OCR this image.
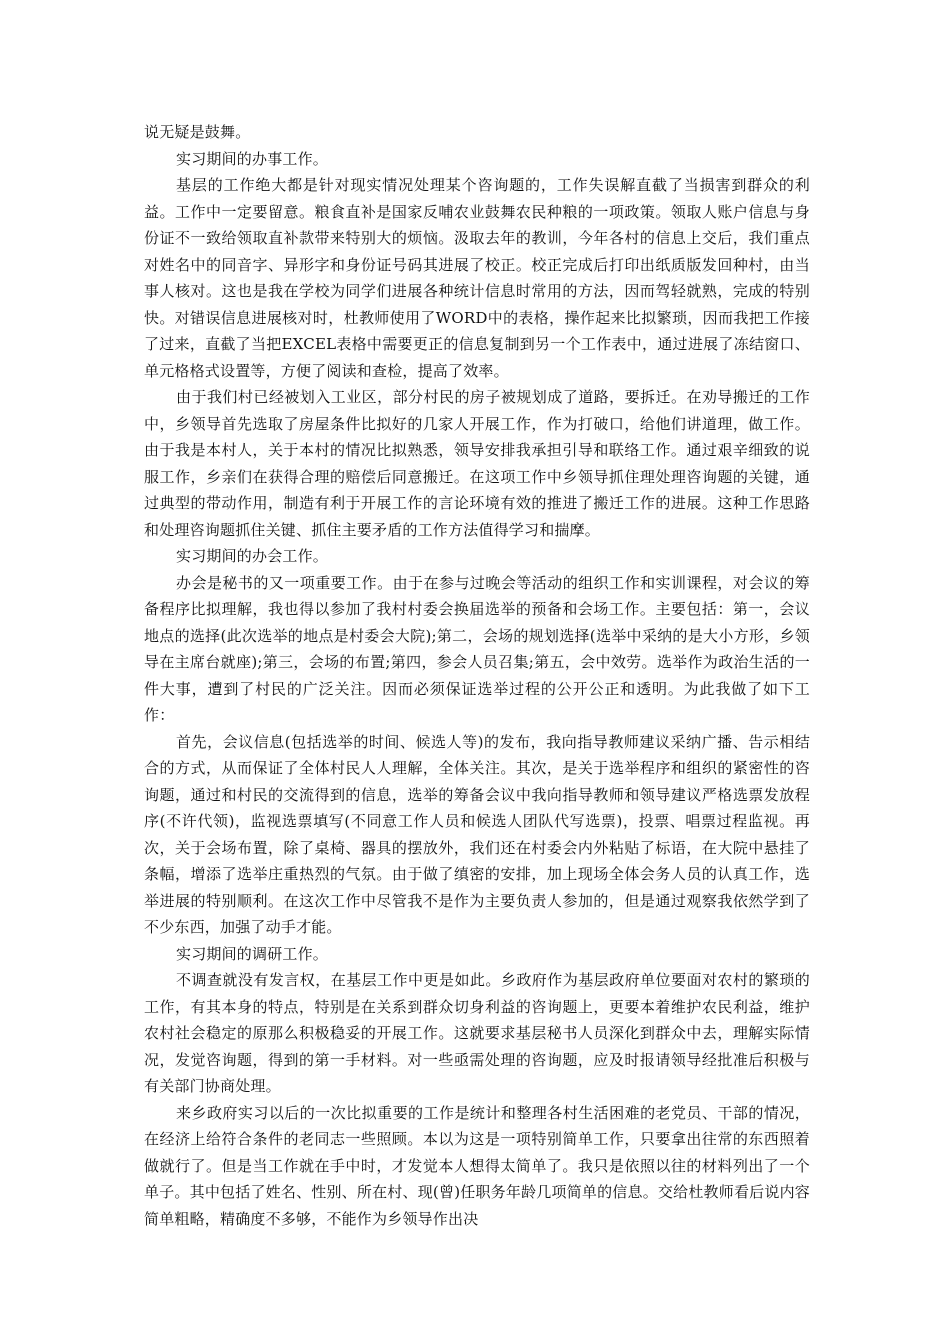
说无疑是鼓舞。

实习期间的办事工作。

基层的工作绝大都是针对现实情况处理某个咨询题的，工作失误解直截了当损害到群众的利益。工作中一定要留意。粮食直补是国家反哺农业鼓舞农民种粮的一项政策。领取人账户信息与身份证不一致给领取直补款带来特别大的烦恼。汲取去年的教训，今年各村的信息上交后，我们重点对姓名中的同音字、异形字和身份证号码其进展了校正。校正完成后打印出纸质版发回种村，由当事人核对。这也是我在学校为同学们进展各种统计信息时常用的方法，因而驾轻就熟，完成的特别快。对错误信息进展核对时，杜教师使用了WORD中的表格，操作起来比拟繁琐，因而我把工作接了过来，直截了当把EXCEL表格中需要更正的信息复制到另一个工作表中，通过进展了冻结窗口、单元格格式设置等，方便了阅读和查检，提高了效率。

由于我们村已经被划入工业区，部分村民的房子被规划成了道路，要拆迁。在劝导搬迁的工作中，乡领导首先选取了房屋条件比拟好的几家人开展工作，作为打破口，给他们讲道理，做工作。由于我是本村人，关于本村的情况比拟熟悉，领导安排我承担引导和联络工作。通过艰辛细致的说服工作，乡亲们在获得合理的赔偿后同意搬迁。在这项工作中乡领导抓住理处理咨询题的关键，通过典型的带动作用，制造有利于开展工作的言论环境有效的推进了搬迁工作的进展。这种工作思路和处理咨询题抓住关键、抓住主要矛盾的工作方法值得学习和揣摩。

实习期间的办会工作。

办会是秘书的又一项重要工作。由于在参与过晚会等活动的组织工作和实训课程，对会议的筹备程序比拟理解，我也得以参加了我村村委会换届选举的预备和会场工作。主要包括：第一，会议地点的选择(此次选举的地点是村委会大院);第二，会场的规划选择(选举中采纳的是大小方形，乡领导在主席台就座);第三，会场的布置;第四，参会人员召集;第五，会中效劳。选举作为政治生活的一件大事，遭到了村民的广泛关注。因而必须保证选举过程的公开公正和透明。为此我做了如下工作：

首先，会议信息(包括选举的时间、候选人等)的发布，我向指导教师建议采纳广播、告示相结合的方式，从而保证了全体村民人人理解，全体关注。其次，是关于选举程序和组织的紧密性的咨询题，通过和村民的交流得到的信息，选举的筹备会议中我向指导教师和领导建议严格选票发放程序(不许代领)，监视选票填写(不同意工作人员和候选人团队代写选票)，投票、唱票过程监视。再次，关于会场布置，除了桌椅、器具的摆放外，我们还在村委会内外粘贴了标语，在大院中悬挂了条幅，增添了选举庄重热烈的气氛。由于做了缜密的安排，加上现场全体会务人员的认真工作，选举进展的特别顺利。在这次工作中尽管我不是作为主要负责人参加的，但是通过观察我依然学到了不少东西，加强了动手才能。

实习期间的调研工作。

不调查就没有发言权，在基层工作中更是如此。乡政府作为基层政府单位要面对农村的繁琐的工作，有其本身的特点，特别是在关系到群众切身利益的咨询题上，更要本着维护农民利益，维护农村社会稳定的原那么积极稳妥的开展工作。这就要求基层秘书人员深化到群众中去，理解实际情况，发觉咨询题，得到的第一手材料。对一些亟需处理的咨询题，应及时报请领导经批准后积极与有关部门协商处理。

来乡政府实习以后的一次比拟重要的工作是统计和整理各村生活困难的老党员、干部的情况，在经济上给符合条件的老同志一些照顾。本以为这是一项特别简单工作，只要拿出往常的东西照着做就行了。但是当工作就在手中时，才发觉本人想得太简单了。我只是依照以往的材料列出了一个单子。其中包括了姓名、性别、所在村、现(曾)任职务年龄几项简单的信息。交给杜教师看后说内容简单粗略，精确度不多够，不能作为乡领导作出决
